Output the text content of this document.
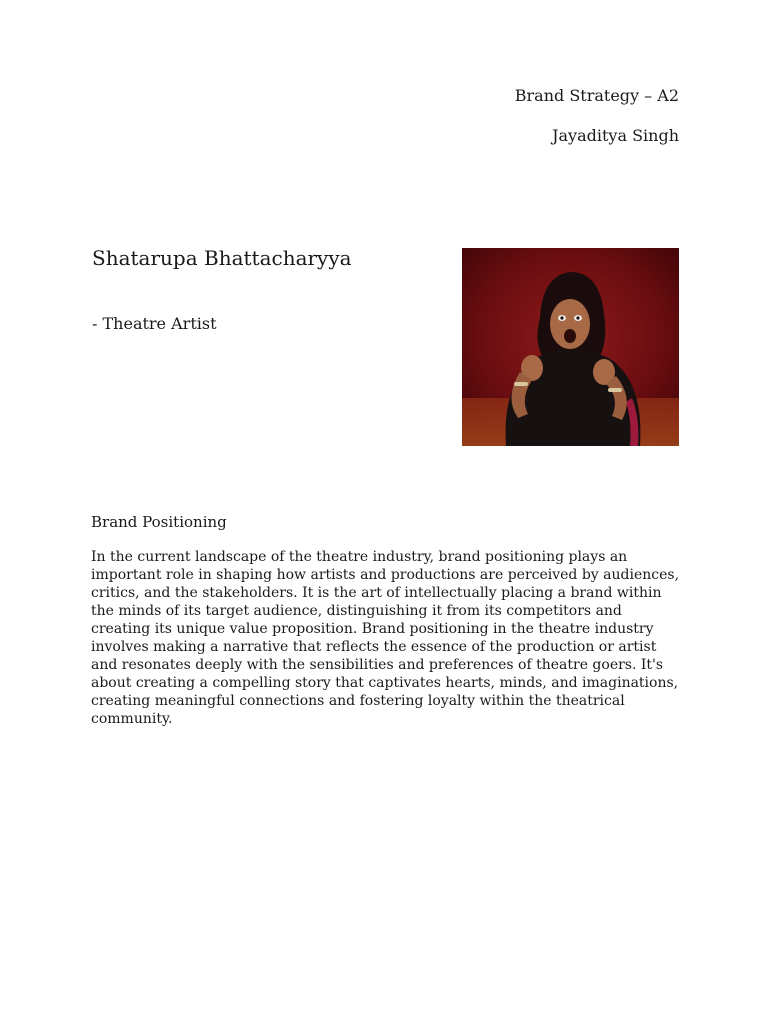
Brand Strategy – A2

Jayaditya Singh

Shatarupa Bhattacharyya

- Theatre Artist

Brand Positioning

In the current landscape of the theatre industry, brand positioning plays an important role in shaping how artists and productions are perceived by audiences, critics, and the stakeholders. It is the art of intellectually placing a brand within the minds of its target audience, distinguishing it from its competitors and creating its unique value proposition. Brand positioning in the theatre industry involves making a narrative that reflects the essence of the production or artist and resonates deeply with the sensibilities and preferences of theatre goers. It's about creating a compelling story that captivates hearts, minds, and imaginations, creating meaningful connections and fostering loyalty within the theatrical community.
